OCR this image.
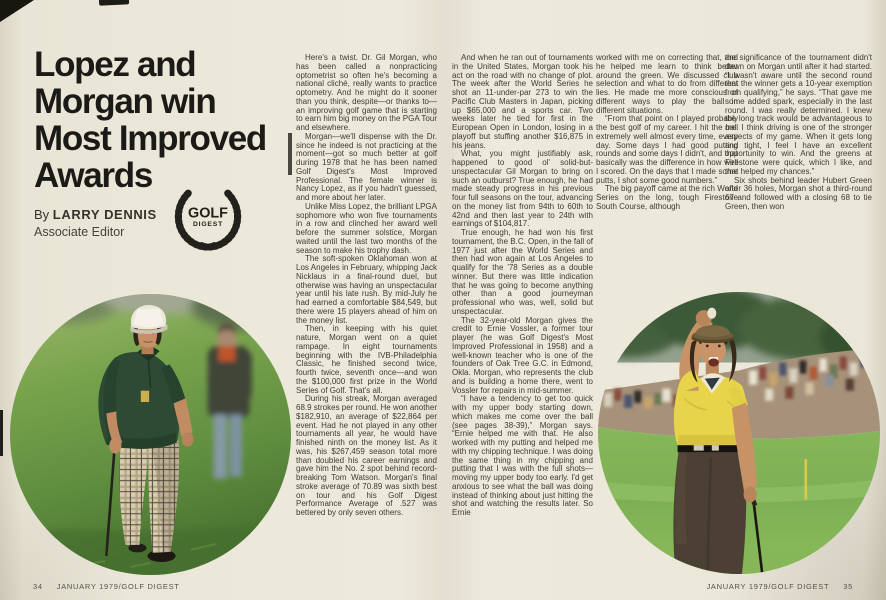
Lopez and
Morgan win
Most Improved
Awards
By LARRY DENNIS
Associate Editor
GOLF
DIGEST

Here's a twist. Dr. Gil Morgan, who has been called a nonpracticing optometrist so often he's becoming a national cliché, really wants to practice optometry. And he might do it sooner than you think, despite—or thanks to—an improving golf game that is starting to earn him big money on the PGA Tour and elsewhere.

Morgan—we'll dispense with the Dr. since he indeed is not practicing at the moment—got so much better at golf during 1978 that he has been named Golf Digest's Most Improved Professional. The female winner is Nancy Lopez, as if you hadn't guessed, and more about her later.

Unlike Miss Lopez, the brilliant LPGA sophomore who won five tournaments in a row and clinched her award well before the summer solstice, Morgan waited until the last two months of the season to make his trophy dash.

The soft-spoken Oklahoman won at Los Angeles in February, whipping Jack Nicklaus in a final-round duel, but otherwise was having an unspectacular year until his late rush. By mid-July he had earned a comfortable $84,549, but there were 15 players ahead of him on the money list.

Then, in keeping with his quiet nature, Morgan went on a quiet rampage. In eight tournaments beginning with the IVB-Philadelphia Classic, he finished second twice, fourth twice, seventh once—and won the $100,000 first prize in the World Series of Golf. That's all.

During his streak, Morgan averaged 68.9 strokes per round. He won another $182,910, an average of $22,864 per event. Had he not played in any other tournaments all year, he would have finished ninth on the money list. As it was, his $267,459 season total more than doubled his career earnings and gave him the No. 2 spot behind record-breaking Tom Watson. Morgan's final stroke average of 70.89 was sixth best on tour and his Golf Digest Performance Average of .527 was bettered by only seven others.

And when he ran out of tournaments in the United States, Morgan took his act on the road with no change of plot. The week after the World Series he shot an 11-under-par 273 to win the Pacific Club Masters in Japan, picking up $65,000 and a sports car. Two weeks later he tied for first in the European Open in London, losing in a playoff but stuffing another $16,875 in his jeans.

What, you might justifiably ask, happened to good ol' solid-but-unspectacular Gil Morgan to bring on such an outburst? True enough, he had made steady progress in his previous four full seasons on the tour, advancing on the money list from 94th to 60th to 42nd and then last year to 24th with earnings of $104,817.

True enough, he had won his first tournament, the B.C. Open, in the fall of 1977 just after the World Series and then had won again at Los Angeles to qualify for the '78 Series as a double winner. But there was little indication that he was going to become anything other than a good journeyman professional who was, well, solid but unspectacular.

The 32-year-old Morgan gives the credit to Ernie Vossler, a former tour player (he was Golf Digest's Most Improved Professional in 1958) and a well-known teacher who is one of the founders of Oak Tree G.C. in Edmond, Okla. Morgan, who represents the club and is building a home there, went to Vossler for repairs in mid-summer.

“I have a tendency to get too quick with my upper body starting down, which makes me come over the ball (see pages 38-39),” Morgan says. “Ernie helped me with that. He also worked with my putting and helped me with my chipping technique. I was doing the same thing in my chipping and putting that I was with the full shots—moving my upper body too early. I'd get anxious to see what the ball was doing instead of thinking about just hitting the shot and watching the results later. So Ernie

worked with me on correcting that, and he helped me learn to think better around the green. We discussed club selection and what to do from different lies. He made me more conscious of different ways to play the ball in different situations.

“From that point on I played probably the best golf of my career. I hit the ball extremely well almost every time, every day. Some days I had good putting rounds and some days I didn't, and that basically was the difference in how well I scored. On the days that I made some putts, I shot some good numbers.”

The big payoff came at the rich World Series on the long, tough Firestone South Course, although

the significance of the tournament didn't dawn on Morgan until after it had started. “I wasn't aware until the second round that the winner gets a 10-year exemption from qualifying,” he says. “That gave me some added spark, especially in the last round. I was really determined. I knew the long track would be advantageous to me. I think driving is one of the stronger aspects of my game. When it gets long and tight, I feel I have an excellent opportunity to win. And the greens at Firestone were quick, which I like, and that helped my chances.”

Six shots behind leader Hubert Green after 36 holes, Morgan shot a third-round 67 and followed with a closing 68 to tie Green, then won

34 JANUARY 1979/GOLF DIGEST	JANUARY 1979/GOLF DIGEST 35
